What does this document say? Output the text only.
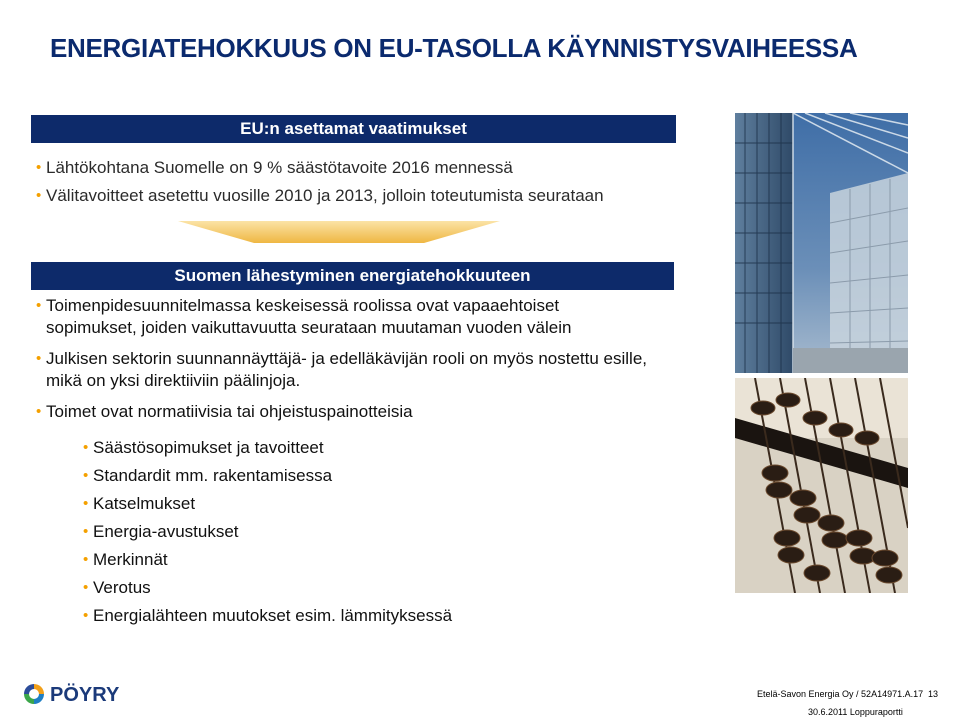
ENERGIATEHOKKUUS ON EU-TASOLLA KÄYNNISTYSVAIHEESSA
EU:n asettamat vaatimukset
• Lähtökohtana Suomelle on 9 % säästötavoite 2016 mennessä
• Välitavoitteet asetettu vuosille 2010 ja 2013, jolloin toteutumista seurataan
Suomen lähestyminen energiatehokkuuteen
• Toimenpidesuunnitelmassa keskeisessä roolissa ovat vapaaehtoiset
sopimukset, joiden vaikuttavuutta seurataan muutaman vuoden välein
• Julkisen sektorin suunnannäyttäjä- ja edelläkävijän rooli on myös nostettu esille,
mikä on yksi direktiiviin päälinjoja.
• Toimet ovat normatiivisia tai ohjeistuspainotteisia
• Säästösopimukset ja tavoitteet
• Standardit mm. rakentamisessa
• Katselmukset
• Energia-avustukset
• Merkinnät
• Verotus
• Energialähteen muutokset esim. lämmityksessä
PÖYRY	Etelä-Savon Energia Oy / 52A14971.A.17 13
30.6.2011 Loppuraportti
